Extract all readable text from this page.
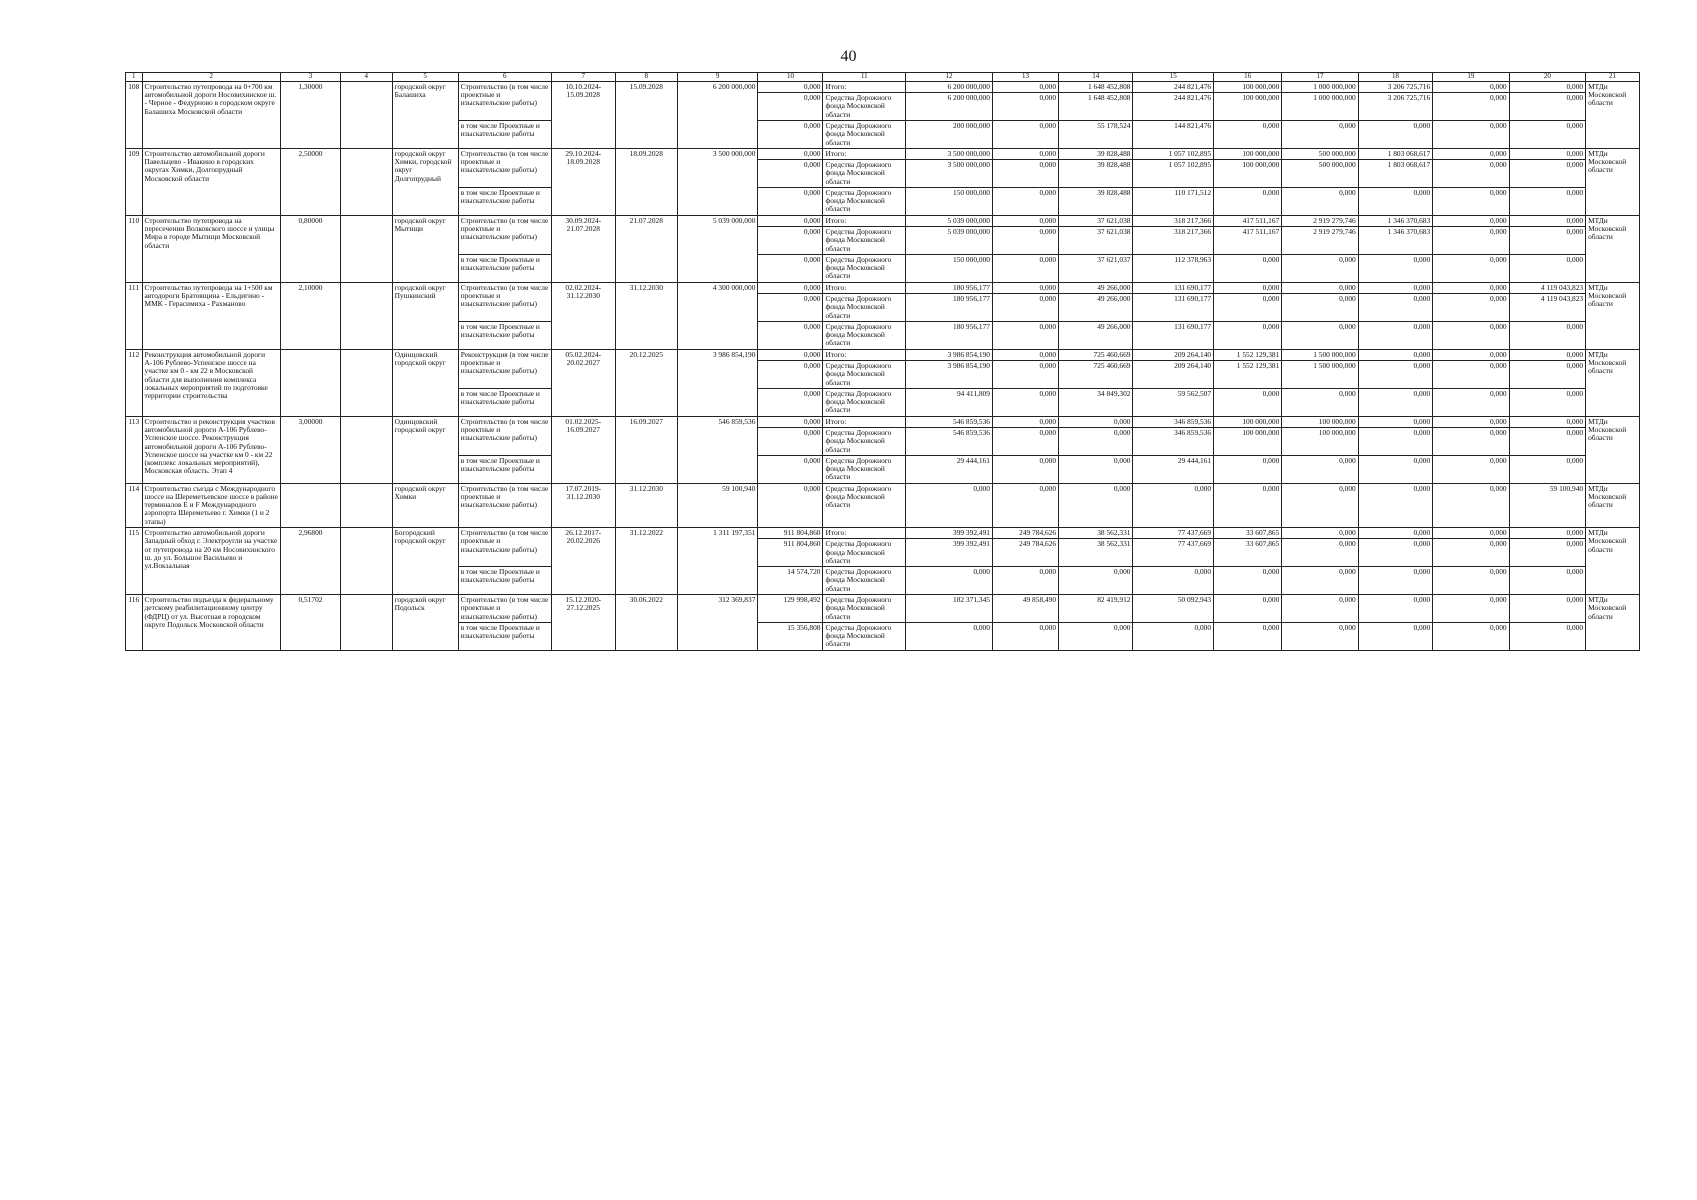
40
1	2	3	4	5	6	7	8	9	10	11	12	13	14	15	16	17	18	19	20	21
108	Строительство путепровода на 0+700 км автомобильной дороги Носовихинское ш. - Черное - Федурново в городском округе Балашиха Московской области	1,30000		городской округ Балашиха	Строительство (в том числе проектные и изыскательские работы)	10.10.2024-15.09.2028	15.09.2028	6 200 000,000	0,000	Итого:	6 200 000,000	0,000	1 648 452,808	244 821,476	100 000,000	1 000 000,000	3 206 725,716	0,000	0,000	МТДи Московской области
									0,000	Средства Дорожного фонда Московской области	6 200 000,000	0,000	1 648 452,808	244 821,476	100 000,000	1 000 000,000	3 206 725,716	0,000	0,000	
					в том числе Проектные и изыскательские работы				0,000	Средства Дорожного фонда Московской области	200 000,000	0,000	55 178,524	144 821,476	0,000	0,000	0,000	0,000	0,000	
109	Строительство автомобильной дороги Павельцево - Ивакино в городских округах Химки, Долгопрудный Московской области	2,50000		городской округ Химки, городской округ Долгопрудный	Строительство (в том числе проектные и изыскательские работы)	29.10.2024-18.09.2028	18.09.2028	3 500 000,000	0,000	Итого:	3 500 000,000	0,000	39 828,488	1 057 102,895	100 000,000	500 000,000	1 803 068,617	0,000	0,000	МТДи Московской области
									0,000	Средства Дорожного фонда Московской области	3 500 000,000	0,000	39 828,488	1 057 102,895	100 000,000	500 000,000	1 803 068,617	0,000	0,000	
					в том числе Проектные и изыскательские работы				0,000	Средства Дорожного фонда Московской области	150 000,000	0,000	39 828,488	110 171,512	0,000	0,000	0,000	0,000	0,000	
110	Строительство путепровода на пересечении Волковского шоссе и улицы Мира в городе Мытищи Московской области	0,80000		городской округ Мытищи	Строительство (в том числе проектные и изыскательские работы)	30.09.2024-21.07.2028	21.07.2028	5 039 000,000	0,000	Итого:	5 039 000,000	0,000	37 621,038	318 217,366	417 511,167	2 919 279,746	1 346 370,683	0,000	0,000	МТДи Московской области
									0,000	Средства Дорожного фонда Московской области	5 039 000,000	0,000	37 621,038	318 217,366	417 511,167	2 919 279,746	1 346 370,683	0,000	0,000	
					в том числе Проектные и изыскательские работы				0,000	Средства Дорожного фонда Московской области	150 000,000	0,000	37 621,037	112 378,963	0,000	0,000	0,000	0,000	0,000	
111	Строительство путепровода на 1+500 км автодороги Братовщина - Ельдигино - ММК - Герасимиха - Рахманово	2,10000		городской округ Пушкинский	Строительство (в том числе проектные и изыскательские работы)	02.02.2024-31.12.2030	31.12.2030	4 300 000,000	0,000	Итого:	180 956,177	0,000	49 266,000	131 690,177	0,000	0,000	0,000	0,000	4 119 043,823	МТДи Московской области
									0,000	Средства Дорожного фонда Московской области	180 956,177	0,000	49 266,000	131 690,177	0,000	0,000	0,000	0,000	4 119 043,823	
					в том числе Проектные и изыскательские работы				0,000	Средства Дорожного фонда Московской области	180 956,177	0,000	49 266,000	131 690,177	0,000	0,000	0,000	0,000	0,000	
112	Реконструкция автомобильной дороги А-106 Рублево-Успенское шоссе на участке км 0 - км 22 в Московской области для выполнения комплекса локальных мероприятий по подготовке территории строительства			Одинцовский городской округ	Реконструкция (в том числе проектные и изыскательские работы)	05.02.2024-20.02.2027	20.12.2025	3 986 854,190	0,000	Итого:	3 986 854,190	0,000	725 460,669	209 264,140	1 552 129,381	1 500 000,000	0,000	0,000	0,000	МТДи Московской области
									0,000	Средства Дорожного фонда Московской области	3 986 854,190	0,000	725 460,669	209 264,140	1 552 129,381	1 500 000,000	0,000	0,000	0,000	
					в том числе Проектные и изыскательские работы				0,000	Средства Дорожного фонда Московской области	94 411,809	0,000	34 849,302	59 562,507	0,000	0,000	0,000	0,000	0,000	
113	Строительство и реконструкция участков автомобильной дороги А-106 Рублево-Успенское шоссе. Реконструкция автомобильной дороги А-106 Рублево-Успенское шоссе на участке км 0 - км 22 (комплекс локальных мероприятий), Московская область. Этап 4	3,00000		Одинцовский городской округ	Строительство (в том числе проектные и изыскательские работы)	01.02.2025-16.09.2027	16.09.2027	546 859,536	0,000	Итого:	546 859,536	0,000	0,000	346 859,536	100 000,000	100 000,000	0,000	0,000	0,000	МТДи Московской области
									0,000	Средства Дорожного фонда Московской области	546 859,536	0,000	0,000	346 859,536	100 000,000	100 000,000	0,000	0,000	0,000	
					в том числе Проектные и изыскательские работы				0,000	Средства Дорожного фонда Московской области	29 444,161	0,000	0,000	29 444,161	0,000	0,000	0,000	0,000	0,000	
114	Строительство съезда с Международного шоссе на Шереметьевское шоссе в районе терминалов E и F Международного аэропорта Шереметьево г. Химки (1 и 2 этапы)			городской округ Химки	Строительство (в том числе проектные и изыскательские работы)	17.07.2019-31.12.2030	31.12.2030	59 100,940	0,000	Средства Дорожного фонда Московской области	0,000	0,000	0,000	0,000	0,000	0,000	0,000	0,000	59 100,940	МТДи Московской области
115	Строительство автомобильной дороги Западный обход г. Электроугли на участке от путепровода на 20 км Носовихинского ш. до ул. Большое Васильево и ул.Вокзальная	2,96800		Богородский городской округ	Строительство (в том числе проектные и изыскательские работы)	26.12.2017-20.02.2026	31.12.2022	1 311 197,351	911 804,860	Итого:	399 392,491	249 784,626	38 562,331	77 437,669	33 607,865	0,000	0,000	0,000	0,000	МТДи Московской области
									911 804,860	Средства Дорожного фонда Московской области	399 392,491	249 784,626	38 562,331	77 437,669	33 607,865	0,000	0,000	0,000	0,000	
					в том числе Проектные и изыскательские работы				14 574,720	Средства Дорожного фонда Московской области	0,000	0,000	0,000	0,000	0,000	0,000	0,000	0,000	0,000	
116	Строительство подъезда к федеральному детскому реабилитационному центру (ФДРЦ) от ул. Высотная в городском округе Подольск Московской области	0,51702		городской округ Подольск	Строительство (в том числе проектные и изыскательские работы)	15.12.2020-27.12.2025	30.06.2022	312 369,837	129 998,492	Средства Дорожного фонда Московской области	182 371,345	49 858,490	82 419,912	50 092,943	0,000	0,000	0,000	0,000	0,000	МТДи Московской области
					в том числе Проектные и изыскательские работы				15 356,808	Средства Дорожного фонда Московской области	0,000	0,000	0,000	0,000	0,000	0,000	0,000	0,000	0,000	
